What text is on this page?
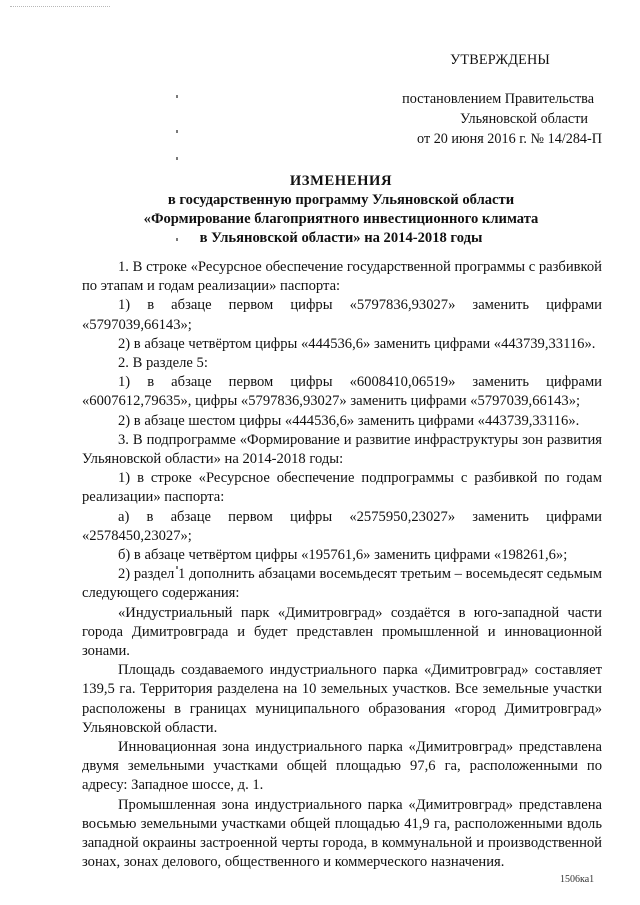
УТВЕРЖДЕНЫ
постановлением Правительства
Ульяновской области
от 20 июня 2016 г. № 14/284-П
ИЗМЕНЕНИЯ
в государственную программу Ульяновской области
«Формирование благоприятного инвестиционного климата
в Ульяновской области» на 2014-2018 годы

1. В строке «Ресурсное обеспечение государственной программы с разбивкой по этапам и годам реализации» паспорта:

1) в абзаце первом цифры «5797836,93027» заменить цифрами «5797039,66143»;

2) в абзаце четвёртом цифры «444536,6» заменить цифрами «443739,33116».

2. В разделе 5:

1) в абзаце первом цифры «6008410,06519» заменить цифрами «6007612,79635», цифры «5797836,93027» заменить цифрами «5797039,66143»;

2) в абзаце шестом цифры «444536,6» заменить цифрами «443739,33116».

3. В подпрограмме «Формирование и развитие инфраструктуры зон развития Ульяновской области» на 2014-2018 годы:

1) в строке «Ресурсное обеспечение подпрограммы с разбивкой по годам реализации» паспорта:

а) в абзаце первом цифры «2575950,23027» заменить цифрами «2578450,23027»;

б) в абзаце четвёртом цифры «195761,6» заменить цифрами «198261,6»;

2) раздел 1 дополнить абзацами восемьдесят третьим – восемьдесят седьмым следующего содержания:

«Индустриальный парк «Димитровград» создаётся в юго-западной части города Димитровграда и будет представлен промышленной и инновационной зонами.

Площадь создаваемого индустриального парка «Димитровград» составляет 139,5 га. Территория разделена на 10 земельных участков. Все земельные участки расположены в границах муниципального образования «город Димитровград» Ульяновской области.

Инновационная зона индустриального парка «Димитровград» представлена двумя земельными участками общей площадью 97,6 га, расположенными по адресу: Западное шоссе, д. 1.

Промышленная зона индустриального парка «Димитровград» представлена восьмью земельными участками общей площадью 41,9 га, расположенными вдоль западной окраины застроенной черты города, в коммунальной и производственной зонах, зонах делового, общественного и коммерческого назначения.

1506ка1
